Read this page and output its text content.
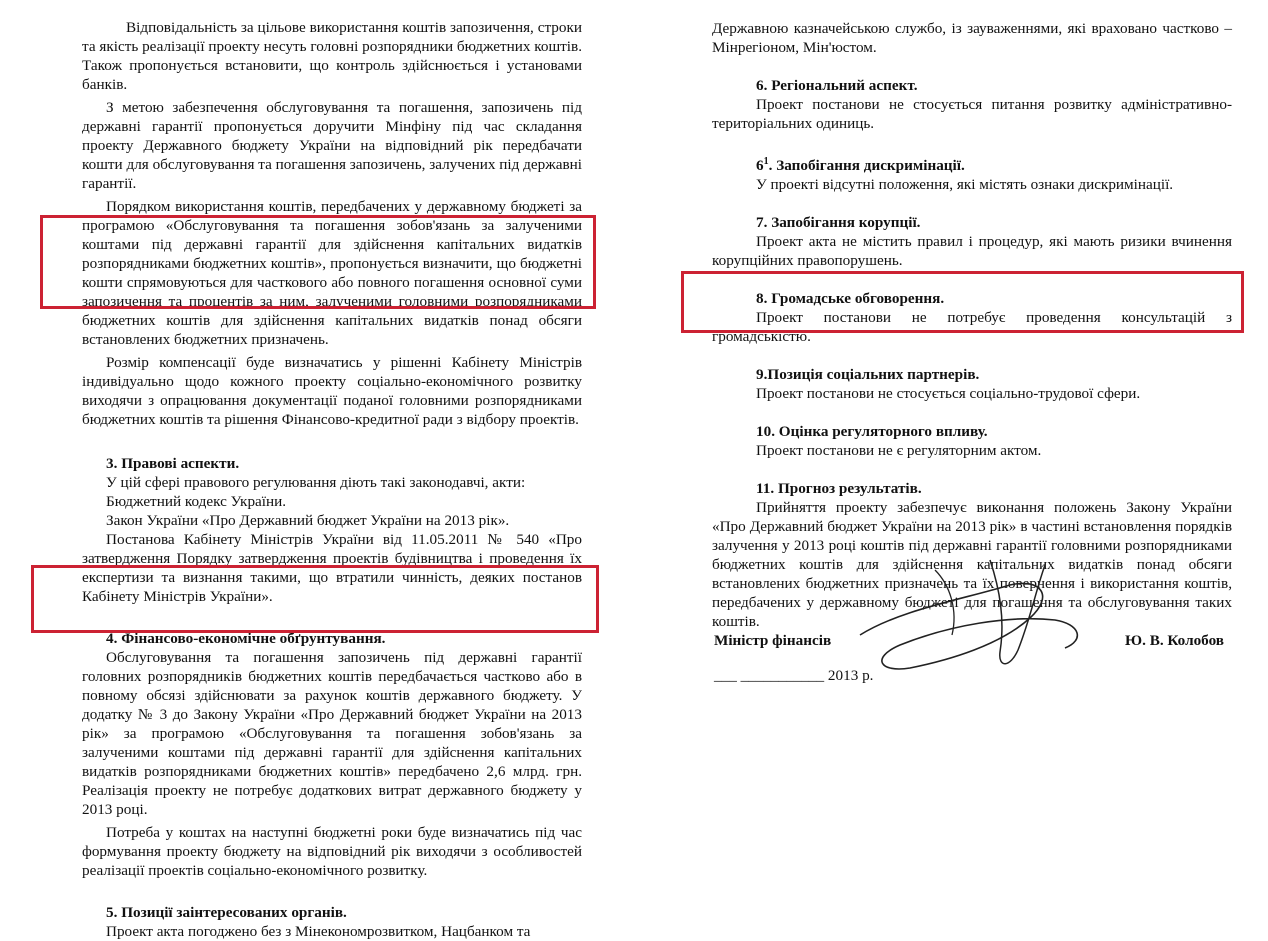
Відповідальність за цільове використання коштів запозичення, строки та якість реалізації проекту несуть головні розпорядники бюджетних коштів. Також пропонується встановити, що контроль здійснюється і установами банків.

З метою забезпечення обслуговування та погашення, запозичень під державні гарантії пропонується доручити Мінфіну під час складання проекту Державного бюджету України на відповідний рік передбачати кошти для обслуговування та погашення запозичень, залучених під державні гарантії.

Порядком використання коштів, передбачених у державному бюджеті за програмою «Обслуговування та погашення зобов'язань за залученими коштами під державні гарантії для здійснення капітальних видатків розпорядниками бюджетних коштів», пропонується визначити, що бюджетні кошти спрямовуються для часткового або повного погашення основної суми запозичення та процентів за ним, залученими головними розпорядниками бюджетних коштів для здійснення капітальних видатків понад обсяги встановлених бюджетних призначень.

Розмір компенсації буде визначатись у рішенні Кабінету Міністрів індивідуально щодо кожного проекту соціально-економічного розвитку виходячи з опрацювання документації поданої головними розпорядниками бюджетних коштів та рішення Фінансово-кредитної ради з відбору проектів.

3. Правові аспекти.

У цій сфері правового регулювання діють такі законодавчі, акти:

Бюджетний кодекс України.

Закон України «Про Державний бюджет України на 2013 рік».

Постанова Кабінету Міністрів України від 11.05.2011 № 540 «Про затвердження Порядку затвердження проектів будівництва і проведення їх експертизи та визнання такими, що втратили чинність, деяких постанов Кабінету Міністрів України».

4. Фінансово-економічне обґрунтування.

Обслуговування та погашення запозичень під державні гарантії головних розпорядників бюджетних коштів передбачається частково або в повному обсязі здійснювати за рахунок коштів державного бюджету. У додатку № 3 до Закону України «Про Державний бюджет України на 2013 рік» за програмою «Обслуговування та погашення зобов'язань за залученими коштами під державні гарантії для здійснення капітальних видатків розпорядниками бюджетних коштів» передбачено 2,6 млрд. грн. Реалізація проекту не потребує додаткових витрат державного бюджету у 2013 році.

Потреба у коштах на наступні бюджетні роки буде визначатись під час формування проекту бюджету на відповідний рік виходячи з особливостей реалізації проектів соціально-економічного розвитку.

5. Позиції заінтересованих органів.

Проект акта погоджено без з Мінекономрозвитком, Нацбанком та

Державною казначейською службо, із зауваженнями, які враховано частково – Мінрегіоном, Мін'юстом.

6. Регіональний аспект.

Проект постанови не стосується питання розвитку адміністративно-територіальних одиниць.

$6^1$. Запобігання дискримінації.

У проекті відсутні положення, які містять ознаки дискримінації.

7. Запобігання корупції.

Проект акта не містить правил і процедур, які мають ризики вчинення корупційних правопорушень.

8. Громадське обговорення.

Проект постанови не потребує проведення консультацій з громадськістю.

9.Позиція соціальних партнерів.

Проект постанови не стосується соціально-трудової сфери.

10. Оцінка регуляторного впливу.

Проект постанови не є регуляторним актом.

11. Прогноз результатів.

Прийняття проекту забезпечує виконання положень Закону України «Про Державний бюджет України на 2013 рік» в частині встановлення порядків залучення у 2013 році коштів під державні гарантії головними розпорядниками бюджетних коштів для здійснення капітальних видатків понад обсяги встановлених бюджетних призначень та їх повернення і використання коштів, передбачених у державному бюджеті для погашення та обслуговування таких коштів.

Міністр фінансів	Ю. В. Колобов
___ ___________ 2013 р.
